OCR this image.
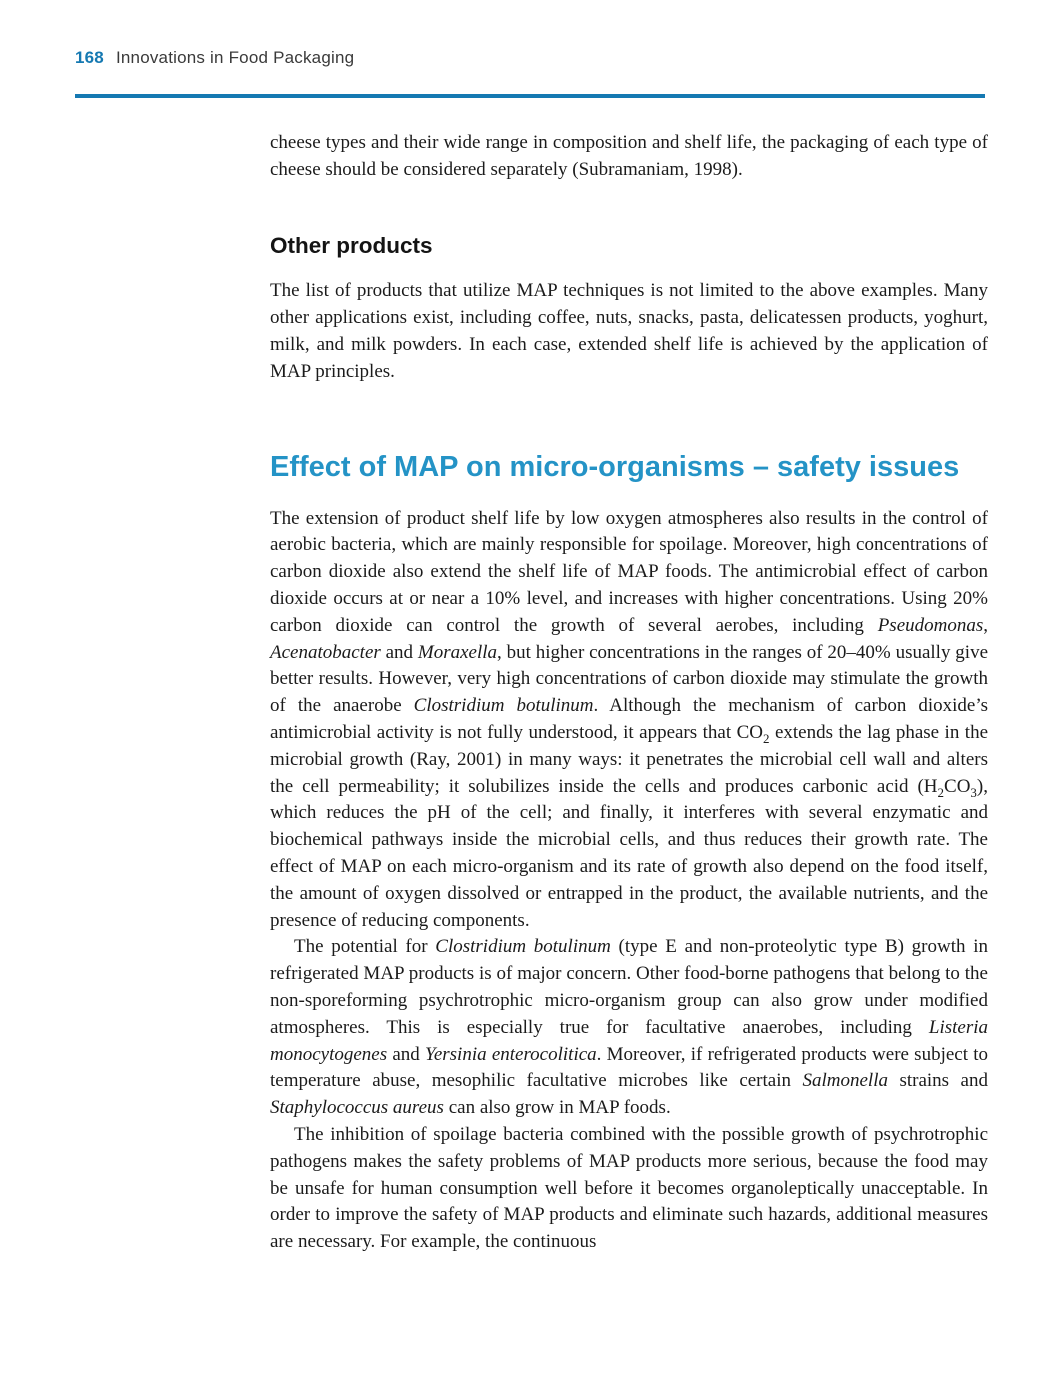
168 Innovations in Food Packaging

cheese types and their wide range in composition and shelf life, the packaging of each type of cheese should be considered separately (Subramaniam, 1998).

Other products

The list of products that utilize MAP techniques is not limited to the above examples. Many other applications exist, including coffee, nuts, snacks, pasta, delicatessen products, yoghurt, milk, and milk powders. In each case, extended shelf life is achieved by the application of MAP principles.

Effect of MAP on micro-organisms – safety issues

The extension of product shelf life by low oxygen atmospheres also results in the control of aerobic bacteria, which are mainly responsible for spoilage. Moreover, high concentrations of carbon dioxide also extend the shelf life of MAP foods. The antimicrobial effect of carbon dioxide occurs at or near a 10% level, and increases with higher concentrations. Using 20% carbon dioxide can control the growth of several aerobes, including Pseudomonas, Acenatobacter and Moraxella, but higher concentrations in the ranges of 20–40% usually give better results. However, very high concentrations of carbon dioxide may stimulate the growth of the anaerobe Clostridium botulinum. Although the mechanism of carbon dioxide’s antimicrobial activity is not fully understood, it appears that $CO_2$ extends the lag phase in the microbial growth (Ray, 2001) in many ways: it penetrates the microbial cell wall and alters the cell permeability; it solubilizes inside the cells and produces carbonic acid $(H_2CO_3)$, which reduces the pH of the cell; and finally, it interferes with several enzymatic and biochemical pathways inside the microbial cells, and thus reduces their growth rate. The effect of MAP on each micro-organism and its rate of growth also depend on the food itself, the amount of oxygen dissolved or entrapped in the product, the available nutrients, and the presence of reducing components.

The potential for Clostridium botulinum (type E and non-proteolytic type B) growth in refrigerated MAP products is of major concern. Other food-borne pathogens that belong to the non-sporeforming psychrotrophic micro-organism group can also grow under modified atmospheres. This is especially true for facultative anaerobes, including Listeria monocytogenes and Yersinia enterocolitica. Moreover, if refrigerated products were subject to temperature abuse, mesophilic facultative microbes like certain Salmonella strains and Staphylococcus aureus can also grow in MAP foods.

The inhibition of spoilage bacteria combined with the possible growth of psychrotrophic pathogens makes the safety problems of MAP products more serious, because the food may be unsafe for human consumption well before it becomes organoleptically unacceptable. In order to improve the safety of MAP products and eliminate such hazards, additional measures are necessary. For example, the continuous
